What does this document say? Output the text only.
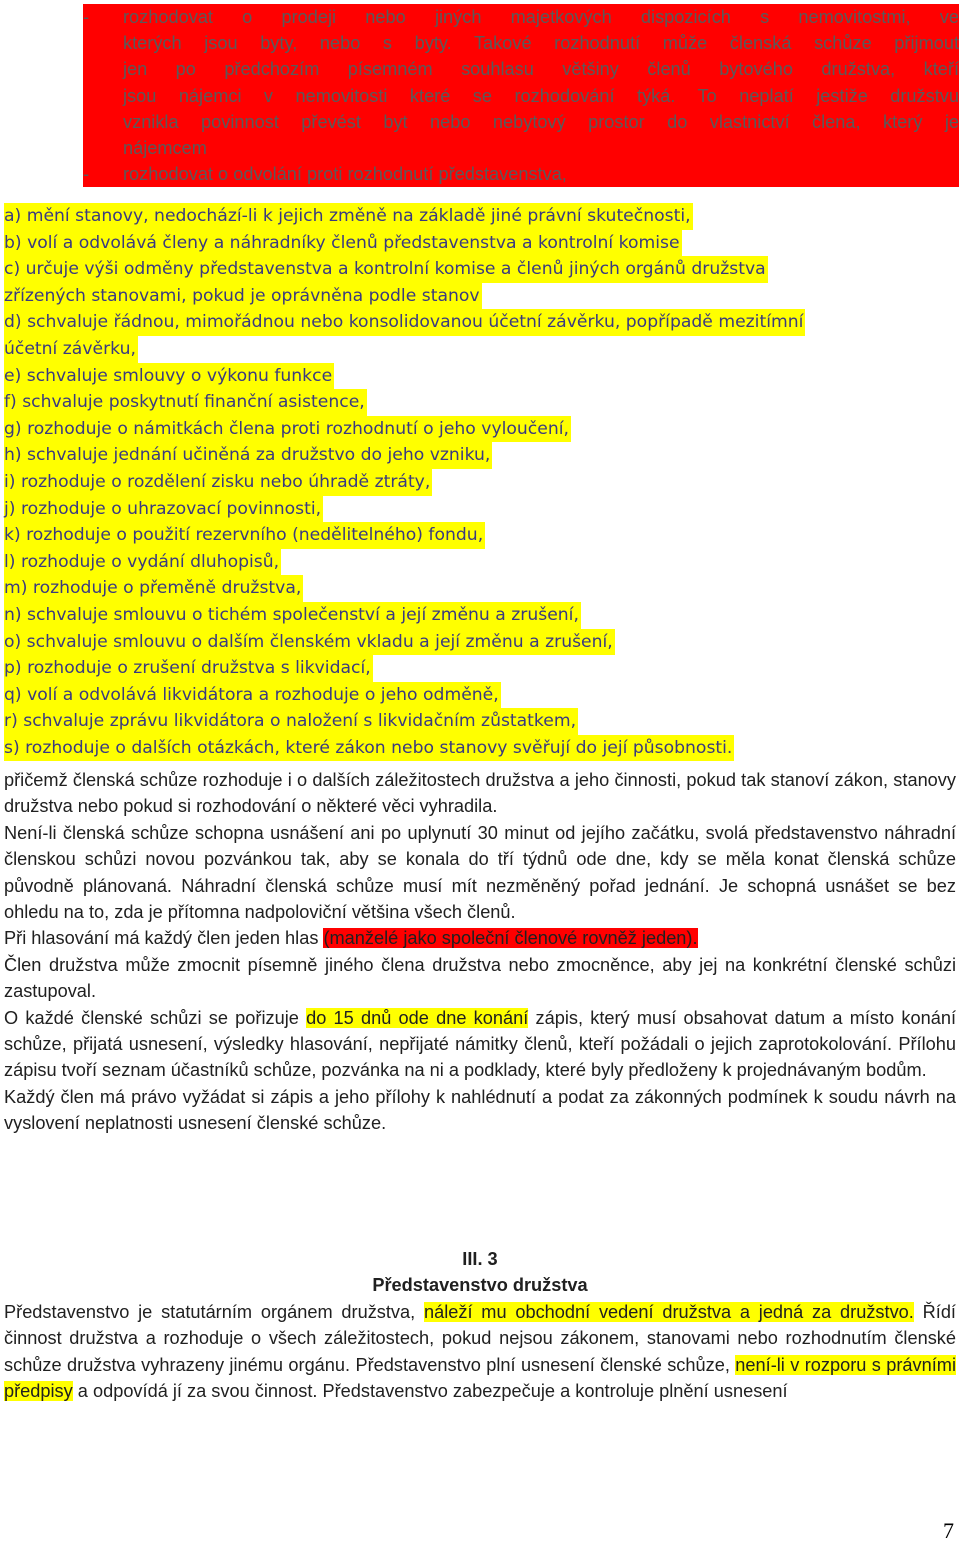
- rozhodovat o prodeji nebo jiných majetkových dispozicích s nemovitostmi, ve
kterých jsou byty, nebo s byty. Takové rozhodnutí může členská schůze přijmout
jen po předchozím písemném souhlasu většiny členů bytového družstva, kteří
jsou nájemci v nemovitosti které se rozhodování týká. To neplatí jestiže družstvu
vznikla povinnost převést byt nebo nebytový prostor do vlastnictví člena, který je
nájemcem
- rozhodovat o odvolání proti rozhodnutí představenstva,
a) mění stanovy, nedochází-li k jejich změně na základě jiné právní skutečnosti,
b) volí a odvolává členy a náhradníky členů představenstva a kontrolní komise
c) určuje výši odměny představenstva a kontrolní komise a členů jiných orgánů družstva
zřízených stanovami, pokud je oprávněna podle stanov
d) schvaluje řádnou, mimořádnou nebo konsolidovanou účetní závěrku, popřípadě mezitímní
účetní závěrku,
e) schvaluje smlouvy o výkonu funkce
f) schvaluje poskytnutí finanční asistence,
g) rozhoduje o námitkách člena proti rozhodnutí o jeho vyloučení,
h) schvaluje jednání učiněná za družstvo do jeho vzniku,
i) rozhoduje o rozdělení zisku nebo úhradě ztráty,
j) rozhoduje o uhrazovací povinnosti,
k) rozhoduje o použití rezervního (nedělitelného) fondu,
l) rozhoduje o vydání dluhopisů,
m) rozhoduje o přeměně družstva,
n) schvaluje smlouvu o tichém společenství a její změnu a zrušení,
o) schvaluje smlouvu o dalším členském vkladu a její změnu a zrušení,
p) rozhoduje o zrušení družstva s likvidací,
q) volí a odvolává likvidátora a rozhoduje o jeho odměně,
r) schvaluje zprávu likvidátora o naložení s likvidačním zůstatkem,
s) rozhoduje o dalších otázkách, které zákon nebo stanovy svěřují do její působnosti.

přičemž členská schůze rozhoduje i o dalších záležitostech družstva a jeho činnosti, pokud tak stanoví zákon, stanovy družstva nebo pokud si rozhodování o některé věci vyhradila.

Není-li členská schůze schopna usnášení ani po uplynutí 30 minut od jejího začátku, svolá představenstvo náhradní členskou schůzi novou pozvánkou tak, aby se konala do tří týdnů ode dne, kdy se měla konat členská schůze původně plánovaná. Náhradní členská schůze musí mít nezměněný pořad jednání. Je schopná usnášet se bez ohledu na to, zda je přítomna nadpoloviční většina všech členů.

Při hlasování má každý člen jeden hlas (manželé jako společní členové rovněž jeden).

Člen družstva může zmocnit písemně jiného člena družstva nebo zmocněnce, aby jej na konkrétní členské schůzi zastupoval.

O každé členské schůzi se pořizuje do 15 dnů ode dne konání zápis, který musí obsahovat datum a místo konání schůze, přijatá usnesení, výsledky hlasování, nepřijaté námitky členů, kteří požádali o jejich zaprotokolování. Přílohu zápisu tvoří seznam účastníků schůze, pozvánka na ni a podklady, které byly předloženy k projednávaným bodům.

Každý člen má právo vyžádat si zápis a jeho přílohy k nahlédnutí a podat za zákonných podmínek k soudu návrh na vyslovení neplatnosti usnesení členské schůze.

III. 3
Představenstvo družstva

Představenstvo je statutárním orgánem družstva, náleží mu obchodní vedení družstva a jedná za družstvo. Řídí činnost družstva a rozhoduje o všech záležitostech, pokud nejsou zákonem, stanovami nebo rozhodnutím členské schůze družstva vyhrazeny jinému orgánu. Představenstvo plní usnesení členské schůze, není-li v rozporu s právními předpisy a odpovídá jí za svou činnost. Představenstvo zabezpečuje a kontroluje plnění usnesení

7
